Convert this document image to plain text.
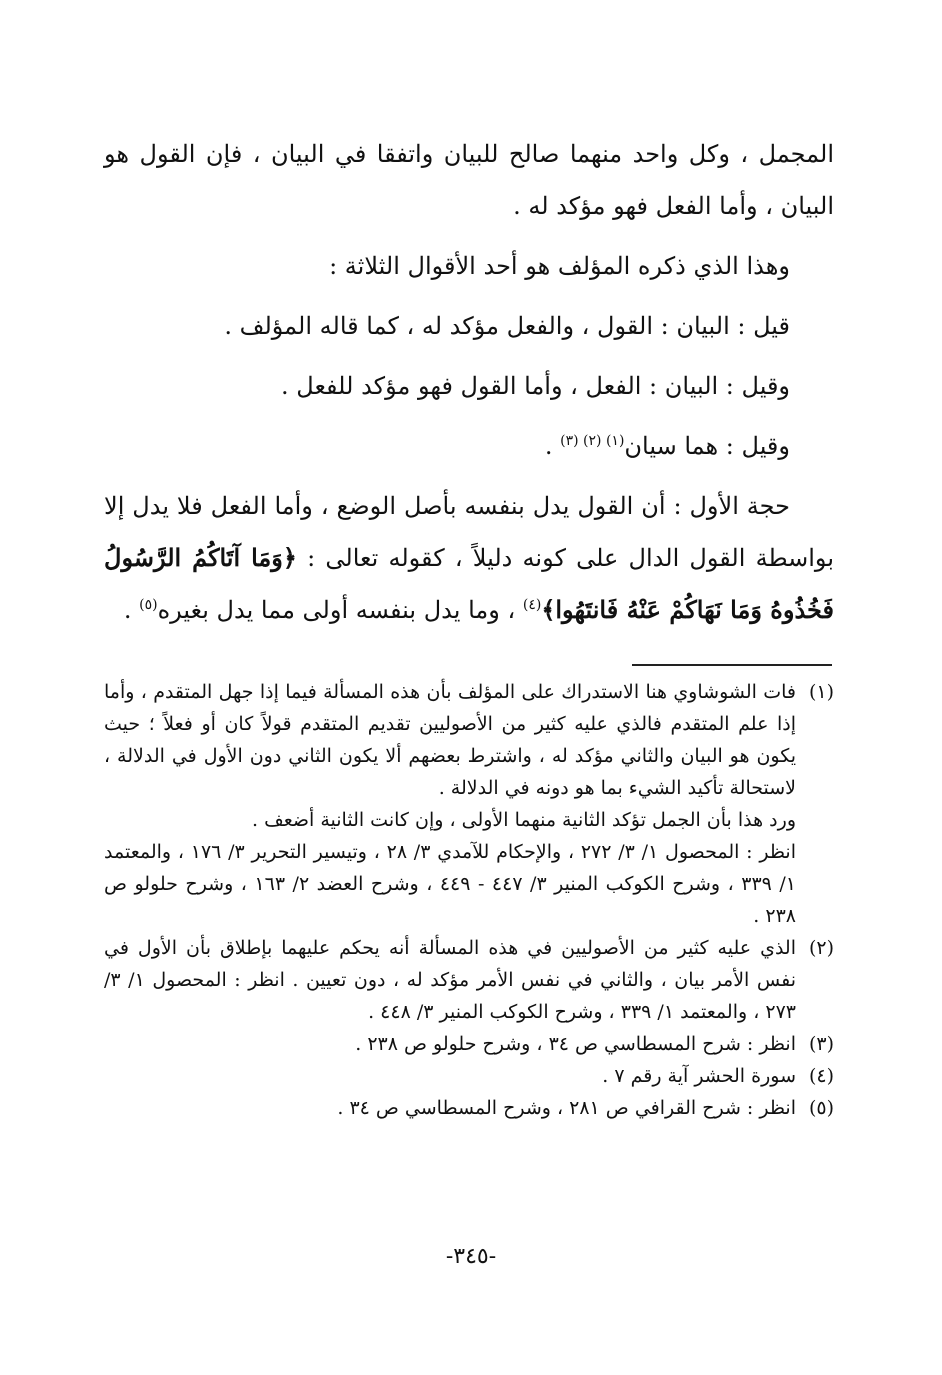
المجمل ، وكل واحد منهما صالح للبيان واتفقا في البيان ، فإن القول هو البيان ، وأما الفعل فهو مؤكد له .

وهذا الذي ذكره المؤلف هو أحد الأقوال الثلاثة :

قيل : البيان : القول ، والفعل مؤكد له ، كما قاله المؤلف .

وقيل : البيان : الفعل ، وأما القول فهو مؤكد للفعل .

وقيل : هما سيان$^{(١) (٢) (٣)}$ .

حجة الأول : أن القول يدل بنفسه بأصل الوضع ، وأما الفعل فلا يدل إلا بواسطة القول الدال على كونه دليلاً ، كقوله تعالى : ﴿وَمَا آتَاكُمُ الرَّسُولُ فَخُذُوهُ وَمَا نَهَاكُمْ عَنْهُ فَانتَهُوا﴾$^{(٤)}$ ، وما يدل بنفسه أولى مما يدل بغيره$^{(٥)}$ .

(١)

فات الشوشاوي هنا الاستدراك على المؤلف بأن هذه المسألة فيما إذا جهل المتقدم ، وأما إذا علم المتقدم فالذي عليه كثير من الأصوليين تقديم المتقدم قولاً كان أو فعلاً ؛ حيث يكون هو البيان والثاني مؤكد له ، واشترط بعضهم ألا يكون الثاني دون الأول في الدلالة ، لاستحالة تأكيد الشيء بما هو دونه في الدلالة .

ورد هذا بأن الجمل تؤكد الثانية منهما الأولى ، وإن كانت الثانية أضعف .

انظر : المحصول ١/ ٣/ ٢٧٢ ، والإحكام للآمدي ٣/ ٢٨ ، وتيسير التحرير ٣/ ١٧٦ ، والمعتمد ١/ ٣٣٩ ، وشرح الكوكب المنير ٣/ ٤٤٧ - ٤٤٩ ، وشرح العضد ٢/ ١٦٣ ، وشرح حلولو ص ٢٣٨ .

(٢)

الذي عليه كثير من الأصوليين في هذه المسألة أنه يحكم عليهما بإطلاق بأن الأول في نفس الأمر بيان ، والثاني في نفس الأمر مؤكد له ، دون تعيين . انظر : المحصول ١/ ٣/ ٢٧٣ ، والمعتمد ١/ ٣٣٩ ، وشرح الكوكب المنير ٣/ ٤٤٨ .

(٣)

انظر : شرح المسطاسي ص ٣٤ ، وشرح حلولو ص ٢٣٨ .

(٤)

سورة الحشر آية رقم ٧ .

(٥)

انظر : شرح القرافي ص ٢٨١ ، وشرح المسطاسي ص ٣٤ .

-٣٤٥-
